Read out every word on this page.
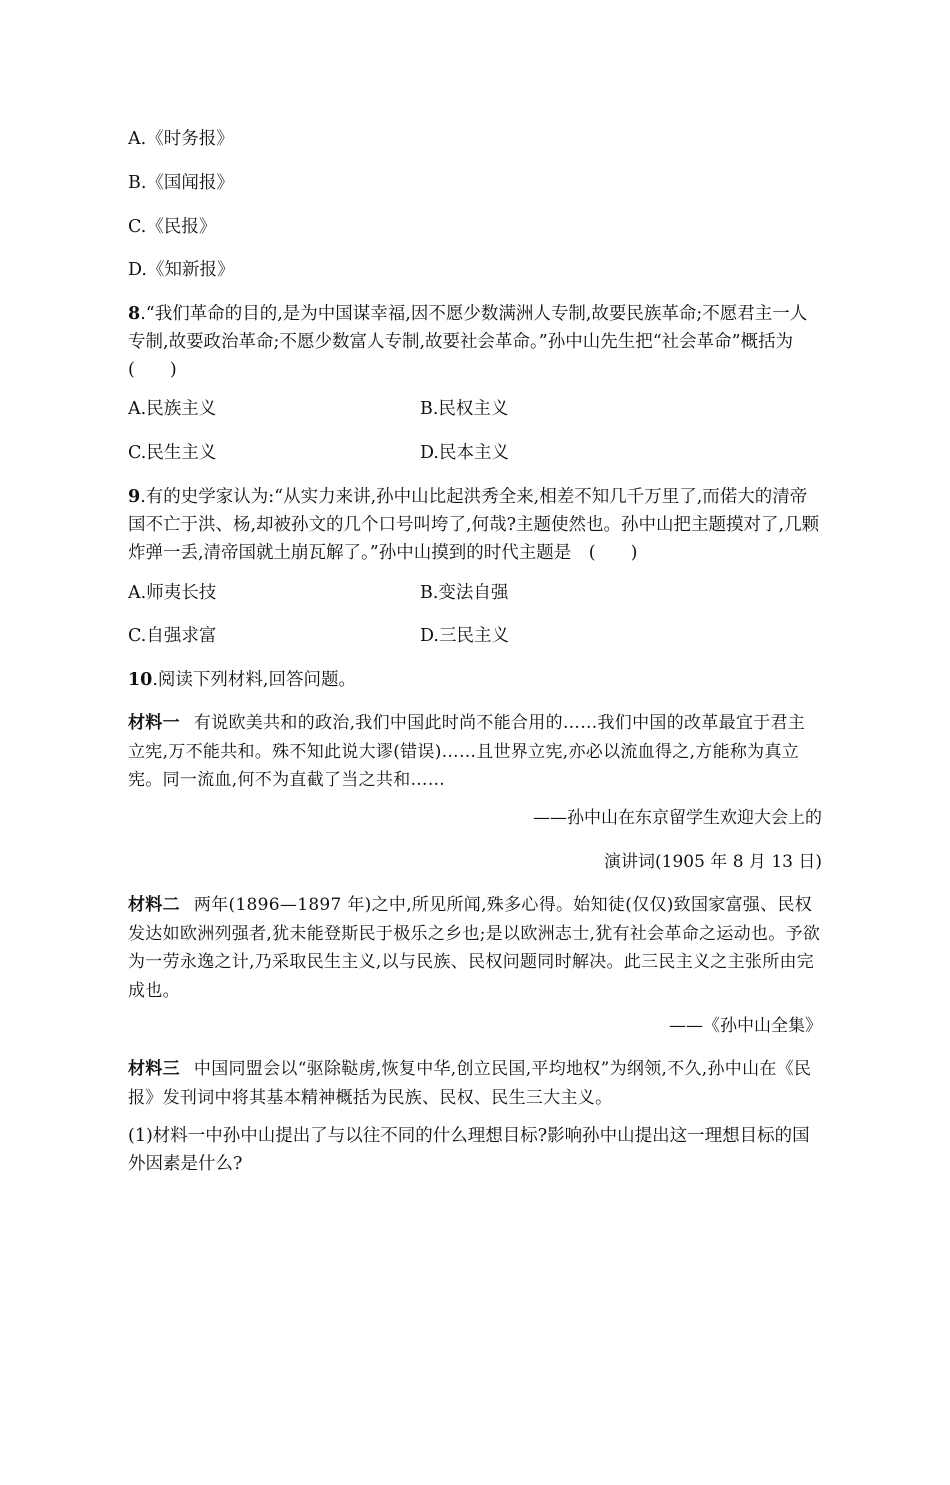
A.《时务报》
B.《国闻报》
C.《民报》
D.《知新报》
8.“我们革命的目的,是为中国谋幸福,因不愿少数满洲人专制,故要民族革命;不愿君主一人专制,故要政治革命;不愿少数富人专制,故要社会革命。”孙中山先生把“社会革命”概括为(　　)
A.民族主义	B.民权主义
C.民生主义	D.民本主义
9.有的史学家认为:“从实力来讲,孙中山比起洪秀全来,相差不知几千万里了,而偌大的清帝国不亡于洪、杨,却被孙文的几个口号叫垮了,何哉?主题使然也。孙中山把主题摸对了,几颗炸弹一丢,清帝国就土崩瓦解了。”孙中山摸到的时代主题是　(　　)
A.师夷长技	B.变法自强
C.自强求富	D.三民主义
10.阅读下列材料,回答问题。
材料一 有说欧美共和的政治,我们中国此时尚不能合用的……我们中国的改革最宜于君主立宪,万不能共和。殊不知此说大谬(错误)……且世界立宪,亦必以流血得之,方能称为真立宪。同一流血,何不为直截了当之共和……
——孙中山在东京留学生欢迎大会上的
演讲词(1905 年 8 月 13 日)
材料二 两年(1896—1897 年)之中,所见所闻,殊多心得。始知徒(仅仅)致国家富强、民权发达如欧洲列强者,犹未能登斯民于极乐之乡也;是以欧洲志士,犹有社会革命之运动也。予欲为一劳永逸之计,乃采取民生主义,以与民族、民权问题同时解决。此三民主义之主张所由完成也。
——《孙中山全集》
材料三 中国同盟会以“驱除鞑虏,恢复中华,创立民国,平均地权”为纲领,不久,孙中山在《民报》发刊词中将其基本精神概括为民族、民权、民生三大主义。
(1)材料一中孙中山提出了与以往不同的什么理想目标?影响孙中山提出这一理想目标的国外因素是什么?
